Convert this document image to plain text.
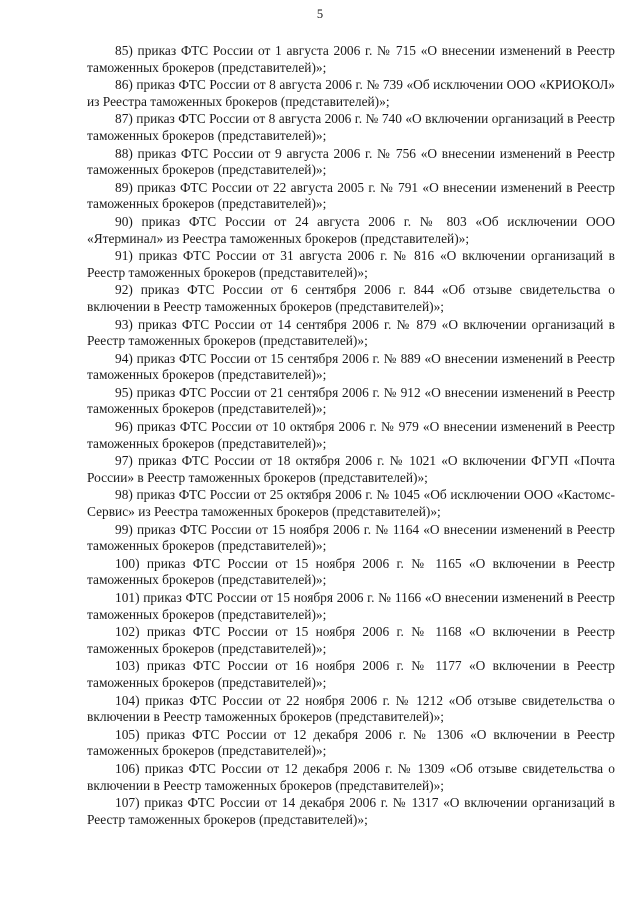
5

85) приказ ФТС России от 1 августа 2006 г. № 715 «О внесении изменений в Реестр таможенных брокеров (представителей)»;

86) приказ ФТС России от 8 августа 2006 г. № 739 «Об исключении ООО «КРИОКОЛ» из Реестра таможенных брокеров (представителей)»;

87) приказ ФТС России от 8 августа 2006 г. № 740 «О включении организаций в Реестр таможенных брокеров (представителей)»;

88) приказ ФТС России от 9 августа 2006 г. № 756 «О внесении изменений в Реестр таможенных брокеров (представителей)»;

89) приказ ФТС России от 22 августа 2005 г. № 791 «О внесении изменений в Реестр таможенных брокеров (представителей)»;

90) приказ ФТС России от 24 августа 2006 г. № 803 «Об исключении ООО «Ятерминал» из Реестра таможенных брокеров (представителей)»;

91) приказ ФТС России от 31 августа 2006 г. № 816 «О включении организаций в Реестр таможенных брокеров (представителей)»;

92) приказ ФТС России от 6 сентября 2006 г. 844 «Об отзыве свидетельства о включении в Реестр таможенных брокеров (представителей)»;

93) приказ ФТС России от 14 сентября 2006 г. № 879 «О включении организаций в Реестр таможенных брокеров (представителей)»;

94) приказ ФТС России от 15 сентября 2006 г. № 889 «О внесении изменений в Реестр таможенных брокеров (представителей)»;

95) приказ ФТС России от 21 сентября 2006 г. № 912 «О внесении изменений в Реестр таможенных брокеров (представителей)»;

96) приказ ФТС России от 10 октября 2006 г. № 979 «О внесении изменений в Реестр таможенных брокеров (представителей)»;

97) приказ ФТС России от 18 октября 2006 г. № 1021 «О включении ФГУП «Почта России» в Реестр таможенных брокеров (представителей)»;

98) приказ ФТС России от 25 октября 2006 г. № 1045 «Об исключении ООО «Кастомс-Сервис» из Реестра таможенных брокеров (представителей)»;

99) приказ ФТС России от 15 ноября 2006 г. № 1164 «О внесении изменений в Реестр таможенных брокеров (представителей)»;

100) приказ ФТС России от 15 ноября 2006 г. № 1165 «О включении в Реестр таможенных брокеров (представителей)»;

101) приказ ФТС России от 15 ноября 2006 г. № 1166 «О внесении изменений в Реестр таможенных брокеров (представителей)»;

102) приказ ФТС России от 15 ноября 2006 г. № 1168 «О включении в Реестр таможенных брокеров (представителей)»;

103) приказ ФТС России от 16 ноября 2006 г. № 1177 «О включении в Реестр таможенных брокеров (представителей)»;

104) приказ ФТС России от 22 ноября 2006 г. № 1212 «Об отзыве свидетельства о включении в Реестр таможенных брокеров (представителей)»;

105) приказ ФТС России от 12 декабря 2006 г. № 1306 «О включении в Реестр таможенных брокеров (представителей)»;

106) приказ ФТС России от 12 декабря 2006 г. № 1309 «Об отзыве свидетельства о включении в Реестр таможенных брокеров (представителей)»;

107) приказ ФТС России от 14 декабря 2006 г. № 1317 «О включении организаций в Реестр таможенных брокеров (представителей)»;
